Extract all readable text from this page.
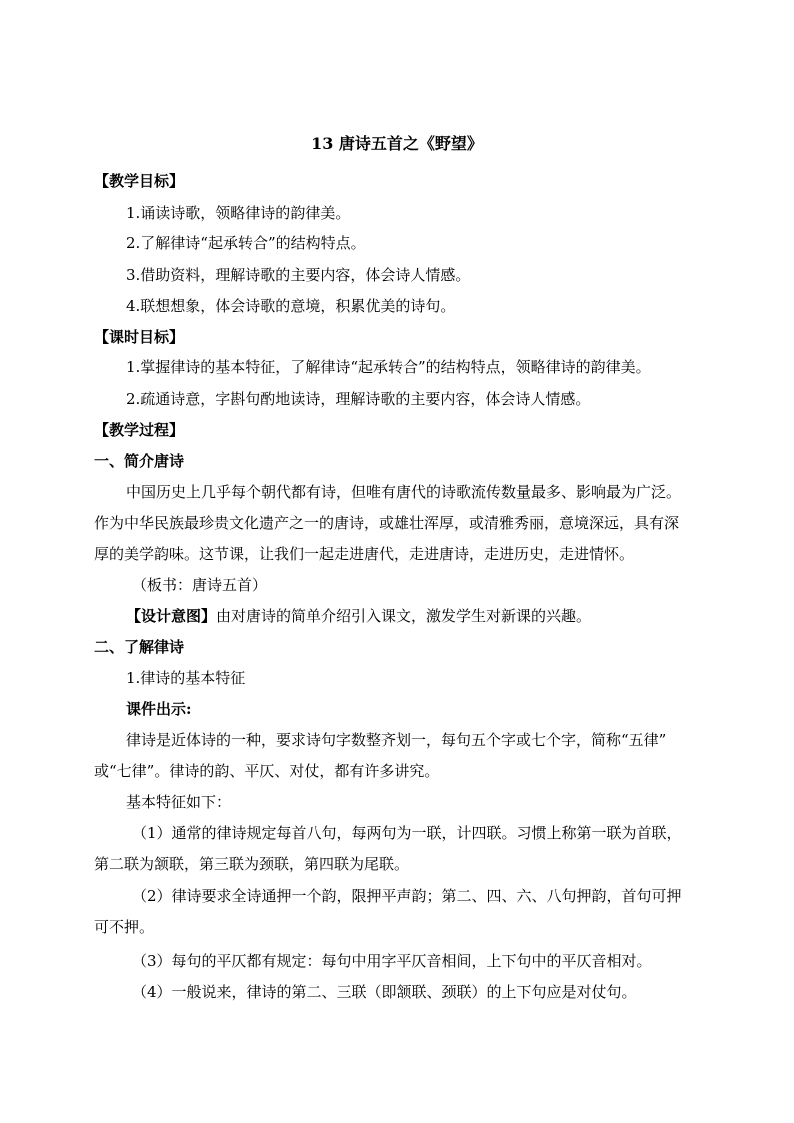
13 唐诗五首之《野望》
【教学目标】
1.诵读诗歌，领略律诗的韵律美。
2.了解律诗“起承转合”的结构特点。
3.借助资料，理解诗歌的主要内容，体会诗人情感。
4.联想想象，体会诗歌的意境，积累优美的诗句。
【课时目标】
1.掌握律诗的基本特征，了解律诗“起承转合”的结构特点，领略律诗的韵律美。
2.疏通诗意，字斟句酌地读诗，理解诗歌的主要内容，体会诗人情感。
【教学过程】
一、简介唐诗
中国历史上几乎每个朝代都有诗，但唯有唐代的诗歌流传数量最多、影响最为广泛。
作为中华民族最珍贵文化遗产之一的唐诗，或雄壮浑厚，或清雅秀丽，意境深远，具有深
厚的美学韵味。这节课，让我们一起走进唐代，走进唐诗，走进历史，走进情怀。
（板书：唐诗五首）
【设计意图】由对唐诗的简单介绍引入课文，激发学生对新课的兴趣。
二、了解律诗
1.律诗的基本特征
课件出示:
律诗是近体诗的一种，要求诗句字数整齐划一，每句五个字或七个字，简称“五律”
或“七律”。律诗的韵、平仄、对仗，都有许多讲究。
基本特征如下：
（1）通常的律诗规定每首八句，每两句为一联，计四联。习惯上称第一联为首联，
第二联为颔联，第三联为颈联，第四联为尾联。
（2）律诗要求全诗通押一个韵，限押平声韵；第二、四、六、八句押韵，首句可押
可不押。
（3）每句的平仄都有规定：每句中用字平仄音相间，上下句中的平仄音相对。
（4）一般说来，律诗的第二、三联（即颔联、颈联）的上下句应是对仗句。
